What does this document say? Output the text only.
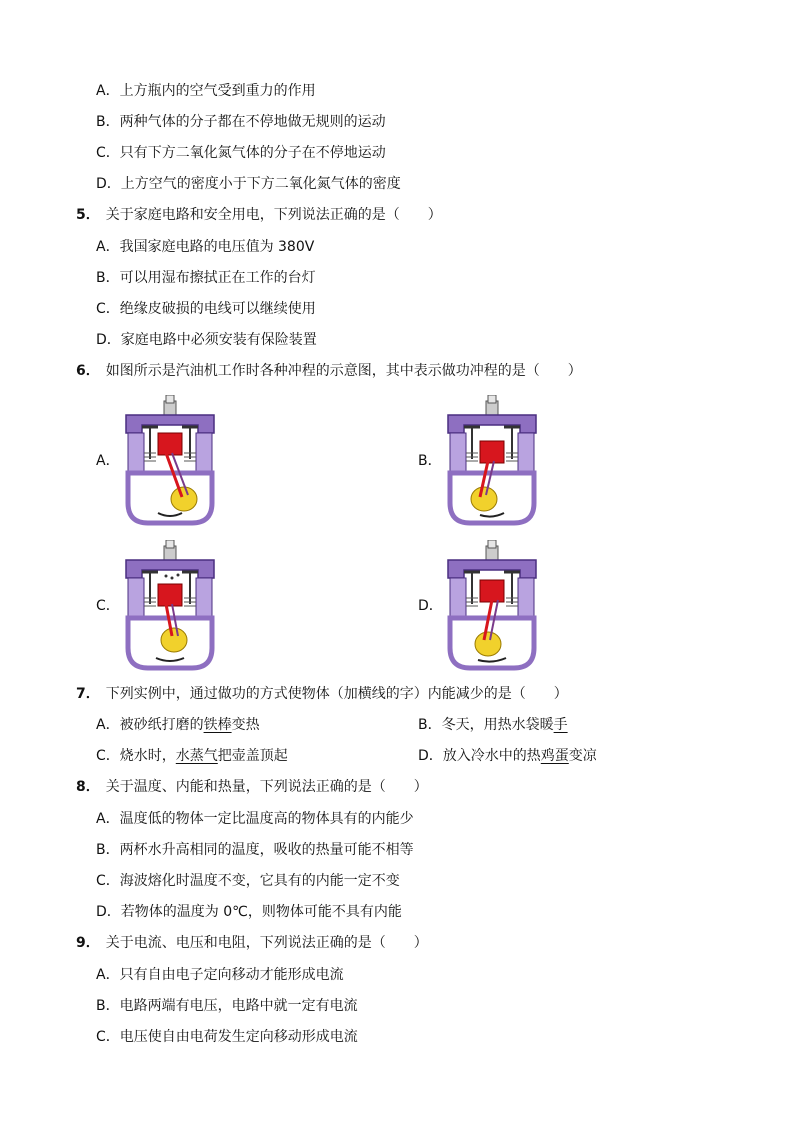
A．上方瓶内的空气受到重力的作用
B．两种气体的分子都在不停地做无规则的运动
C．只有下方二氧化氮气体的分子在不停地运动
D．上方空气的密度小于下方二氧化氮气体的密度
5． 关于家庭电路和安全用电，下列说法正确的是（　　）
A．我国家庭电路的电压值为 380V
B．可以用湿布擦拭正在工作的台灯
C．绝缘皮破损的电线可以继续使用
D．家庭电路中必须安装有保险装置
6． 如图所示是汽油机工作时各种冲程的示意图，其中表示做功冲程的是（　　）
A．	B．
C．	D．
7． 下列实例中，通过做功的方式使物体（加横线的字）内能减少的是（　　）
A．被砂纸打磨的铁棒变热	B．冬天，用热水袋暖手
C．烧水时，水蒸气把壶盖顶起	D．放入冷水中的热鸡蛋变凉
8． 关于温度、内能和热量，下列说法正确的是（　　）
A．温度低的物体一定比温度高的物体具有的内能少
B．两杯水升高相同的温度，吸收的热量可能不相等
C．海波熔化时温度不变，它具有的内能一定不变
D．若物体的温度为 0℃，则物体可能不具有内能
9． 关于电流、电压和电阻，下列说法正确的是（　　）
A．只有自由电子定向移动才能形成电流
B．电路两端有电压，电路中就一定有电流
C．电压使自由电荷发生定向移动形成电流
